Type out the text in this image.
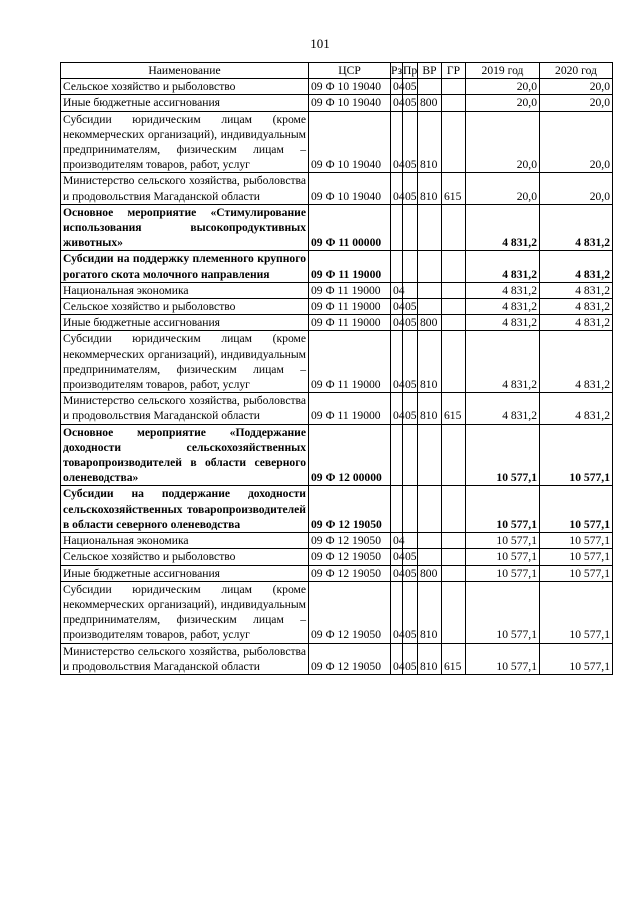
101
Наименование	ЦСР	Рз	Пр	ВР	ГР	2019 год	2020 год
Сельское хозяйство и рыболовство	09 Ф 10 19040	04	05			20,0	20,0
Иные бюджетные ассигнования	09 Ф 10 19040	04	05	800		20,0	20,0
Субсидии юридическим лицам (кроме некоммерческих организаций), индивидуальным предпринимателям, физическим лицам – производителям товаров, работ, услуг	09 Ф 10 19040	04	05	810		20,0	20,0
Министерство сельского хозяйства, рыболовства и продовольствия Магаданской области	09 Ф 10 19040	04	05	810	615	20,0	20,0
Основное мероприятие «Стимулирование использования высокопродуктивных животных»	09 Ф 11 00000					4 831,2	4 831,2
Субсидии на поддержку племенного крупного рогатого скота молочного направления	09 Ф 11 19000					4 831,2	4 831,2
Национальная экономика	09 Ф 11 19000	04				4 831,2	4 831,2
Сельское хозяйство и рыболовство	09 Ф 11 19000	04	05			4 831,2	4 831,2
Иные бюджетные ассигнования	09 Ф 11 19000	04	05	800		4 831,2	4 831,2
Субсидии юридическим лицам (кроме некоммерческих организаций), индивидуальным предпринимателям, физическим лицам – производителям товаров, работ, услуг	09 Ф 11 19000	04	05	810		4 831,2	4 831,2
Министерство сельского хозяйства, рыболовства и продовольствия Магаданской области	09 Ф 11 19000	04	05	810	615	4 831,2	4 831,2
Основное мероприятие «Поддержание доходности сельскохозяйственных товаропроизводителей в области северного оленеводства»	09 Ф 12 00000					10 577,1	10 577,1
Субсидии на поддержание доходности сельскохозяйственных товаропроизводителей в области северного оленеводства	09 Ф 12 19050					10 577,1	10 577,1
Национальная экономика	09 Ф 12 19050	04				10 577,1	10 577,1
Сельское хозяйство и рыболовство	09 Ф 12 19050	04	05			10 577,1	10 577,1
Иные бюджетные ассигнования	09 Ф 12 19050	04	05	800		10 577,1	10 577,1
Субсидии юридическим лицам (кроме некоммерческих организаций), индивидуальным предпринимателям, физическим лицам – производителям товаров, работ, услуг	09 Ф 12 19050	04	05	810		10 577,1	10 577,1
Министерство сельского хозяйства, рыболовства и продовольствия Магаданской области	09 Ф 12 19050	04	05	810	615	10 577,1	10 577,1
